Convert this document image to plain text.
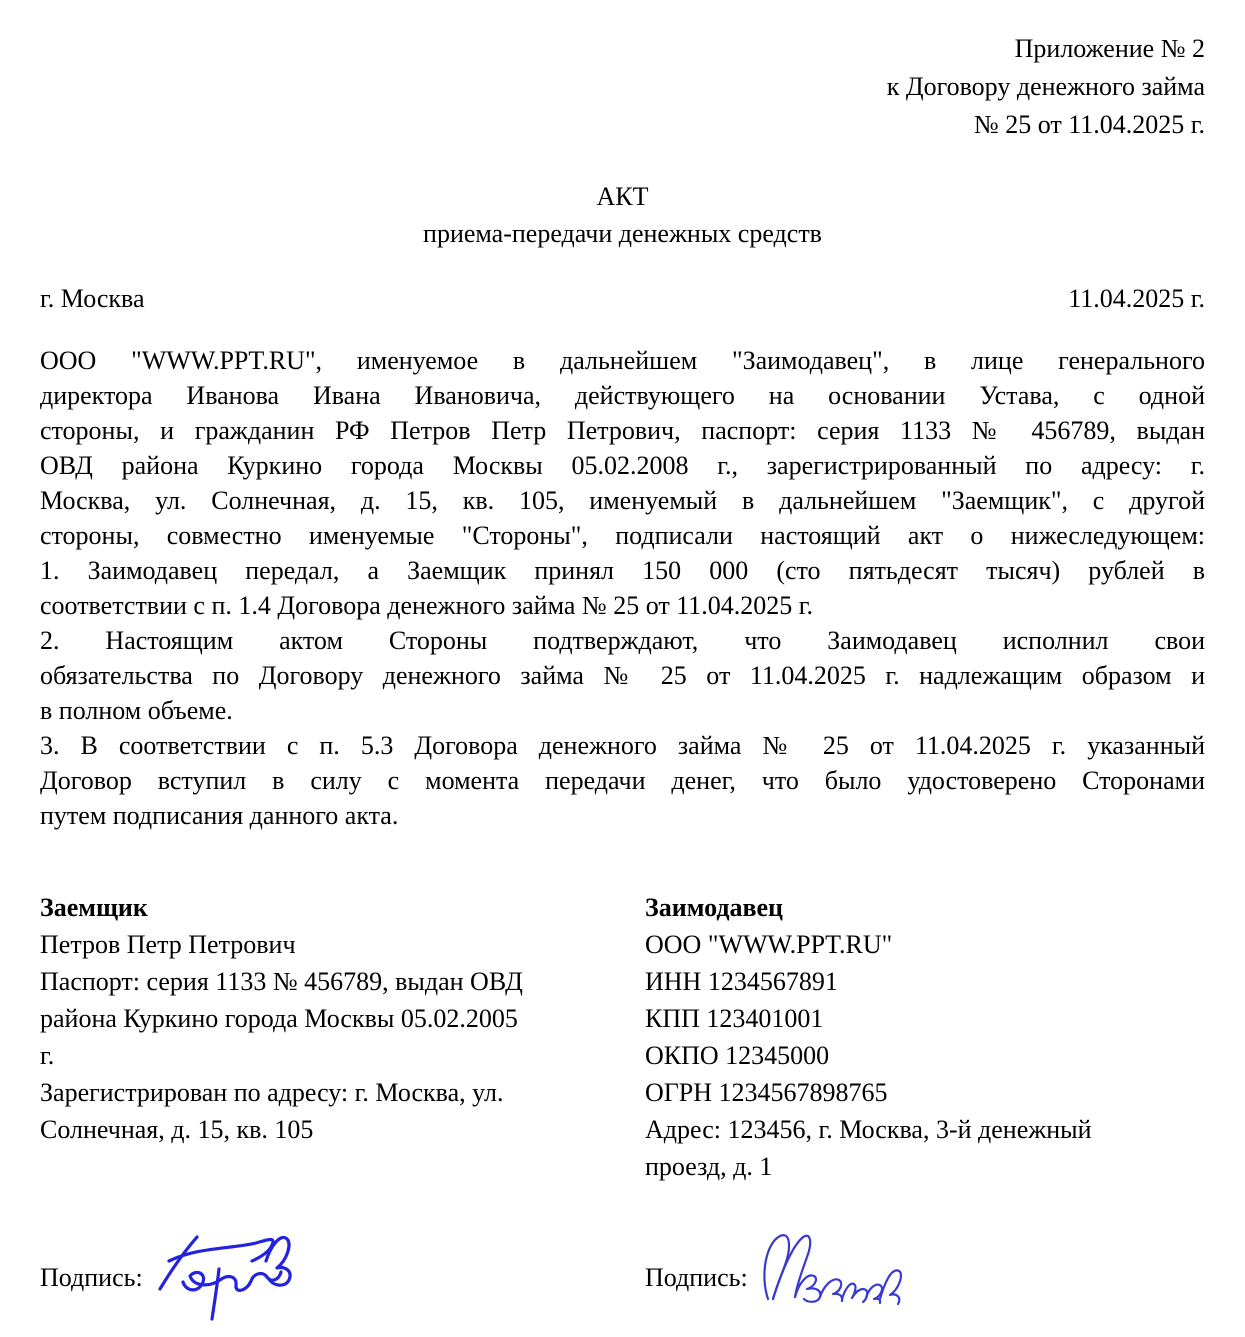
Приложение № 2
к Договору денежного займа
№ 25 от 11.04.2025 г.
АКТ
приема-передачи денежных средств
г. Москва	11.04.2025 г.
ООО "WWW.PPT.RU", именуемое в дальнейшем "Заимодавец", в лице генерального
директора Иванова Ивана Ивановича, действующего на основании Устава, с одной
стороны, и гражданин РФ Петров Петр Петрович, паспорт: серия 1133 № 456789, выдан
ОВД района Куркино города Москвы 05.02.2008 г., зарегистрированный по адресу: г.
Москва, ул. Солнечная, д. 15, кв. 105, именуемый в дальнейшем "Заемщик", с другой
стороны, совместно именуемые "Стороны", подписали настоящий акт о нижеследующем:
1. Заимодавец передал, а Заемщик принял 150 000 (сто пятьдесят тысяч) рублей в
соответствии с п. 1.4 Договора денежного займа № 25 от 11.04.2025 г.
2. Настоящим актом Стороны подтверждают, что Заимодавец исполнил свои
обязательства по Договору денежного займа № 25 от 11.04.2025 г. надлежащим образом и
в полном объеме.
3. В соответствии с п. 5.3 Договора денежного займа № 25 от 11.04.2025 г. указанный
Договор вступил в силу с момента передачи денег, что было удостоверено Сторонами
путем подписания данного акта.
Заемщик
Петров Петр Петрович
Паспорт: серия 1133 № 456789, выдан ОВД
района Куркино города Москвы 05.02.2005
г.
Зарегистрирован по адресу: г. Москва, ул.
Солнечная, д. 15, кв. 105
Заимодавец
ООО "WWW.PPT.RU"
ИНН 1234567891
КПП 123401001
ОКПО 12345000
ОГРН 1234567898765
Адрес: 123456, г. Москва, 3-й денежный
проезд, д. 1
Подпись:	Подпись:
